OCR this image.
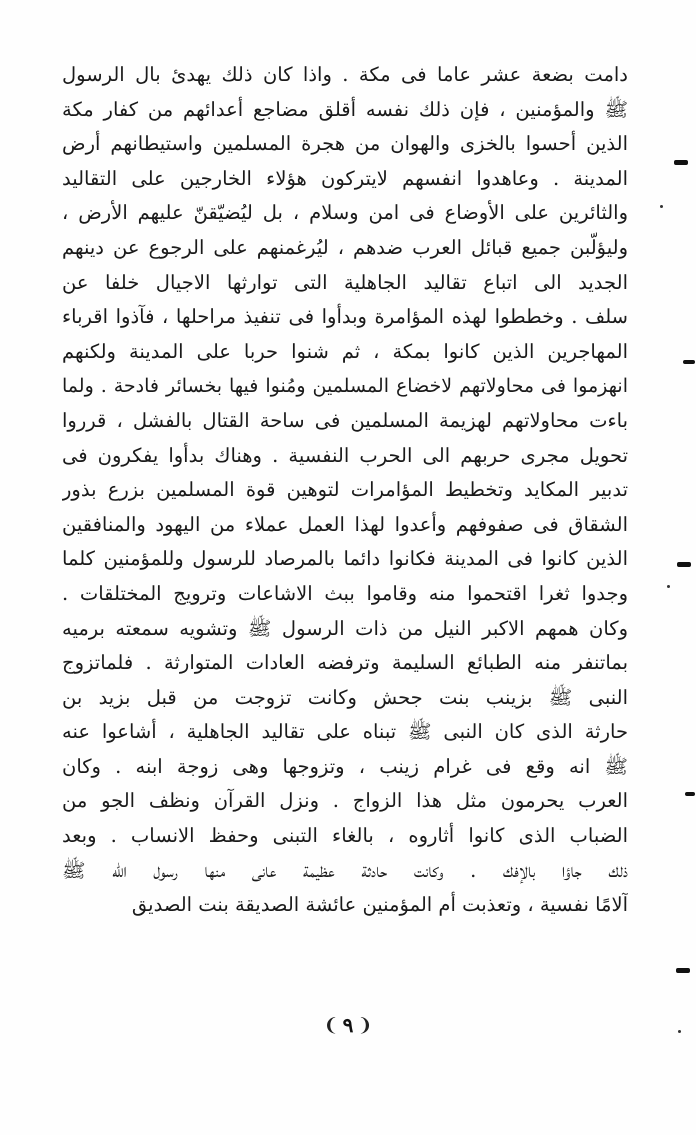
دامت بضعة عشر عاما فى مكة . واذا كان ذلك يهدئ بال الرسول
ﷺ والمؤمنين ، فإن ذلك نفسه أقلق مضاجع أعدائهم من كفار مكة
الذين أحسوا بالخزى والهوان من هجرة المسلمين واستيطانهم أرض
المدينة . وعاهدوا انفسهم لايتركون هؤلاء الخارجين على التقاليد
والثائرين على الأوضاع فى امن وسلام ، بل ليُضيّقنّ عليهم الأرض ،
وليؤلّبن جميع قبائل العرب ضدهم ، ليُرغمنهم على الرجوع عن دينهم
الجديد الى اتباع تقاليد الجاهلية التى توارثها الاجيال خلفا عن
سلف . وخططوا لهذه المؤامرة وبدأوا فى تنفيذ مراحلها ، فآذوا اقرباء
المهاجرين الذين كانوا بمكة ، ثم شنوا حربا على المدينة ولكنهم
انهزموا فى محاولاتهم لاخضاع المسلمين ومُنوا فيها بخسائر فادحة . ولما
باءت محاولاتهم لهزيمة المسلمين فى ساحة القتال بالفشل ، قرروا
تحويل مجرى حربهم الى الحرب النفسية . وهناك بدأوا يفكرون فى
تدبير المكايد وتخطيط المؤامرات لتوهين قوة المسلمين بزرع بذور
الشقاق فى صفوفهم وأعدوا لهذا العمل عملاء من اليهود والمنافقين
الذين كانوا فى المدينة فكانوا دائما بالمرصاد للرسول وللمؤمنين كلما
وجدوا ثغرا اقتحموا منه وقاموا ببث الاشاعات وترويج المختلقات .
وكان همهم الاكبر النيل من ذات الرسول ﷺ وتشويه سمعته برميه
بماتنفر منه الطبائع السليمة وترفضه العادات المتوارثة . فلماتزوج
النبى ﷺ بزينب بنت جحش وكانت تزوجت من قبل بزيد بن
حارثة الذى كان النبى ﷺ تبناه على تقاليد الجاهلية ، أشاعوا عنه
ﷺ انه وقع فى غرام زينب ، وتزوجها وهى زوجة ابنه . وكان
العرب يحرمون مثل هذا الزواج . ونزل القرآن ونظف الجو من
الضباب الذى كانوا أثاروه ، بالغاء التبنى وحفظ الانساب . وبعد
ذلك جاؤا بالإفك . وكانت حادثة عظيمة عانى منها رسول الله ﷺ
آلامًا نفسية ، وتعذبت أم المؤمنين عائشة الصديقة بنت الصديق
❨ ٩ ❩
